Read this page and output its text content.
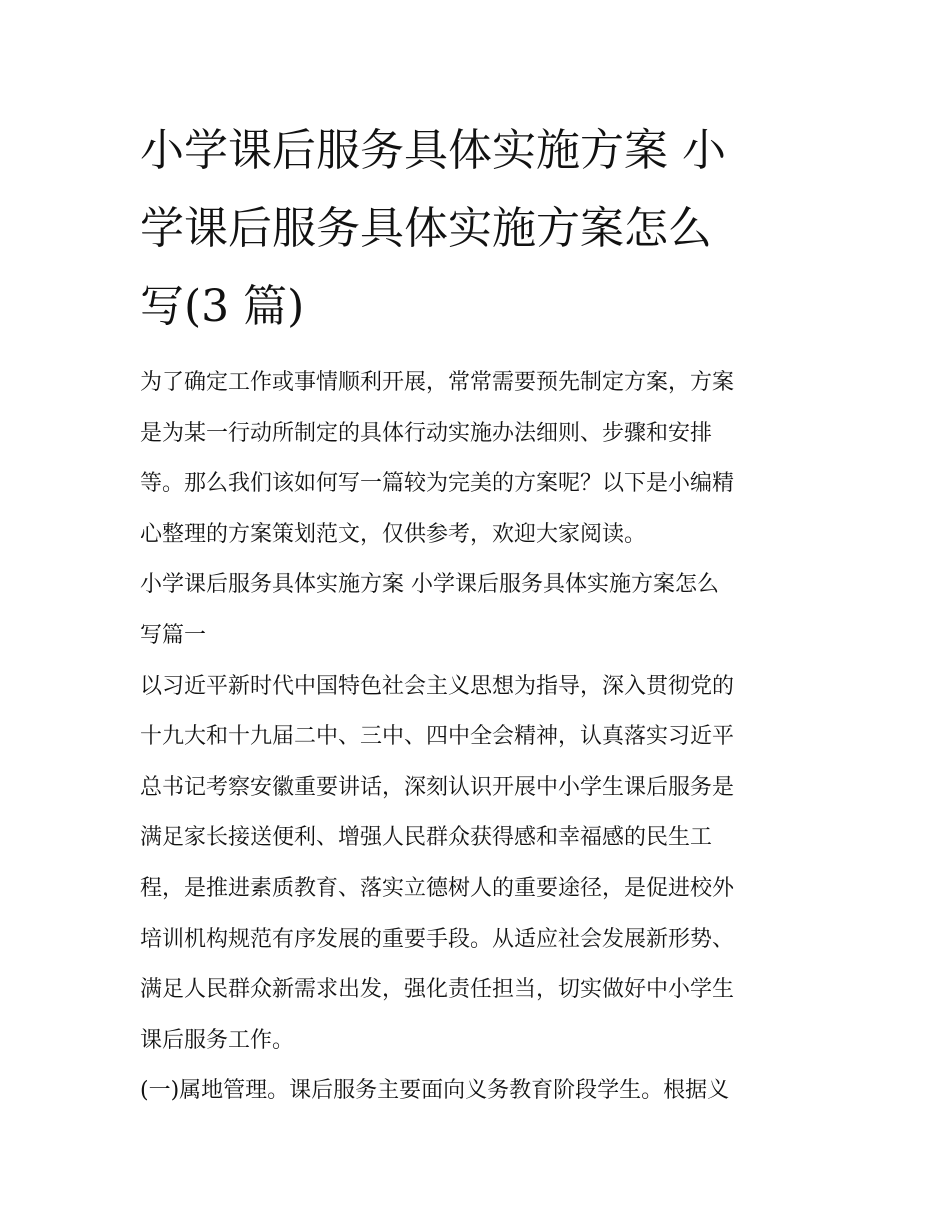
小学课后服务具体实施方案 小
学课后服务具体实施方案怎么
写(3 篇)

为了确定工作或事情顺利开展，常常需要预先制定方案，方案

是为某一行动所制定的具体行动实施办法细则、步骤和安排

等。那么我们该如何写一篇较为完美的方案呢？以下是小编精

心整理的方案策划范文，仅供参考，欢迎大家阅读。

小学课后服务具体实施方案 小学课后服务具体实施方案怎么

写篇一

以习近平新时代中国特色社会主义思想为指导，深入贯彻党的

十九大和十九届二中、三中、四中全会精神，认真落实习近平

总书记考察安徽重要讲话，深刻认识开展中小学生课后服务是

满足家长接送便利、增强人民群众获得感和幸福感的民生工

程，是推进素质教育、落实立德树人的重要途径，是促进校外

培训机构规范有序发展的重要手段。从适应社会发展新形势、

满足人民群众新需求出发，强化责任担当，切实做好中小学生

课后服务工作。

(一)属地管理。课后服务主要面向义务教育阶段学生。根据义
